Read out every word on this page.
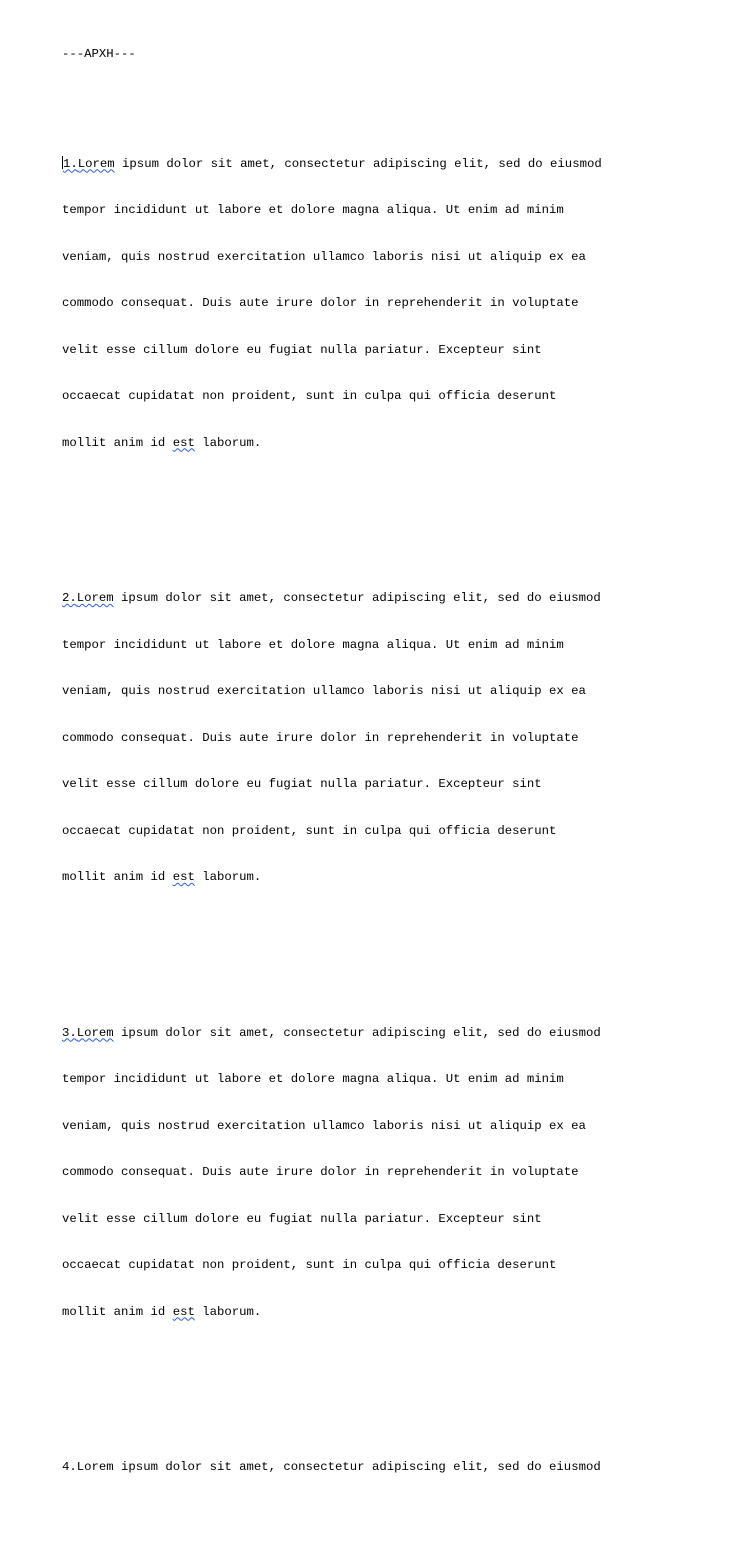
---АРХН---

1.Lorem ipsum dolor sit amet, consectetur adipiscing elit, sed do eiusmod

tempor incididunt ut labore et dolore magna aliqua. Ut enim ad minim

veniam, quis nostrud exercitation ullamco laboris nisi ut aliquip ex ea

commodo consequat. Duis aute irure dolor in reprehenderit in voluptate

velit esse cillum dolore eu fugiat nulla pariatur. Excepteur sint

occaecat cupidatat non proident, sunt in culpa qui officia deserunt

mollit anim id est laborum.

2.Lorem ipsum dolor sit amet, consectetur adipiscing elit, sed do eiusmod

tempor incididunt ut labore et dolore magna aliqua. Ut enim ad minim

veniam, quis nostrud exercitation ullamco laboris nisi ut aliquip ex ea

commodo consequat. Duis aute irure dolor in reprehenderit in voluptate

velit esse cillum dolore eu fugiat nulla pariatur. Excepteur sint

occaecat cupidatat non proident, sunt in culpa qui officia deserunt

mollit anim id est laborum.

3.Lorem ipsum dolor sit amet, consectetur adipiscing elit, sed do eiusmod

tempor incididunt ut labore et dolore magna aliqua. Ut enim ad minim

veniam, quis nostrud exercitation ullamco laboris nisi ut aliquip ex ea

commodo consequat. Duis aute irure dolor in reprehenderit in voluptate

velit esse cillum dolore eu fugiat nulla pariatur. Excepteur sint

occaecat cupidatat non proident, sunt in culpa qui officia deserunt

mollit anim id est laborum.

4.Lorem ipsum dolor sit amet, consectetur adipiscing elit, sed do eiusmod
